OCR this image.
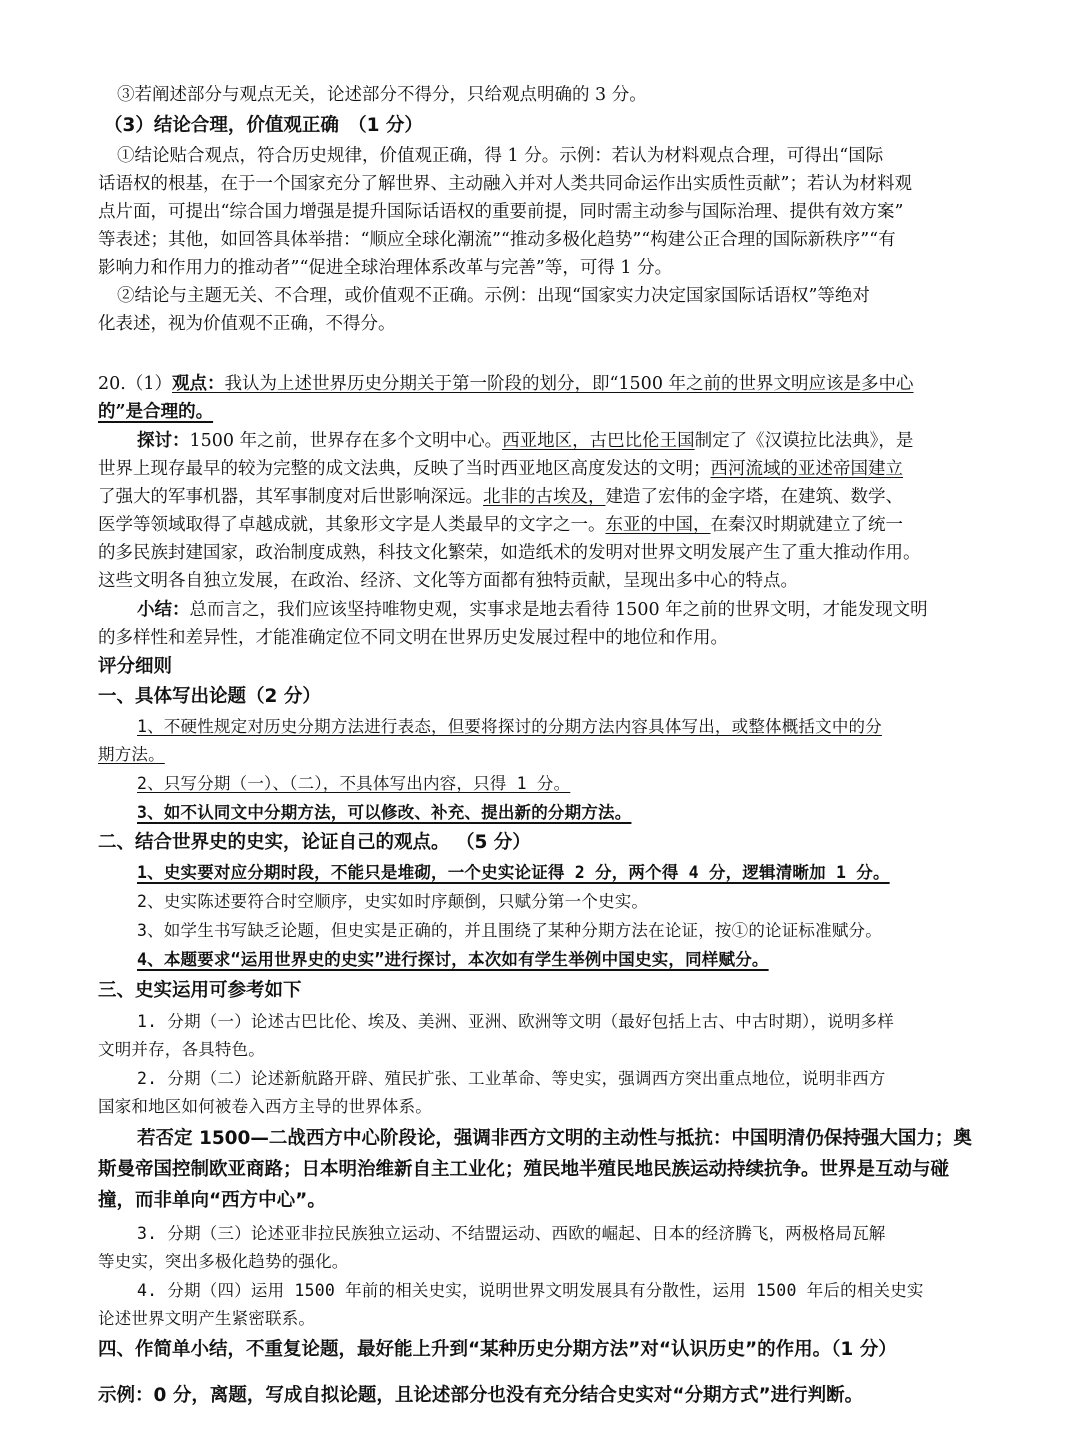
③若阐述部分与观点无关，论述部分不得分，只给观点明确的 3 分。
（3）结论合理，价值观正确　（1 分）
①结论贴合观点，符合历史规律，价值观正确，得 1 分。示例：若认为材料观点合理，可得出“国际
话语权的根基，在于一个国家充分了解世界、主动融入并对人类共同命运作出实质性贡献”；若认为材料观
点片面，可提出“综合国力增强是提升国际话语权的重要前提，同时需主动参与国际治理、提供有效方案”
等表述；其他，如回答具体举措：“顺应全球化潮流”“推动多极化趋势”“构建公正合理的国际新秩序”“有
影响力和作用力的推动者”“促进全球治理体系改革与完善”等，可得 1 分。
②结论与主题无关、不合理，或价值观不正确。示例：出现“国家实力决定国家国际话语权”等绝对
化表述，视为价值观不正确，不得分。
20.（1）观点：我认为上述世界历史分期关于第一阶段的划分，即“1500 年之前的世界文明应该是多中心
的”是合理的。
探讨：1500 年之前，世界存在多个文明中心。西亚地区，古巴比伦王国制定了《汉谟拉比法典》，是
世界上现存最早的较为完整的成文法典，反映了当时西亚地区高度发达的文明；西河流域的亚述帝国建立
了强大的军事机器，其军事制度对后世影响深远。北非的古埃及，建造了宏伟的金字塔，在建筑、数学、
医学等领域取得了卓越成就，其象形文字是人类最早的文字之一。东亚的中国，在秦汉时期就建立了统一
的多民族封建国家，政治制度成熟，科技文化繁荣，如造纸术的发明对世界文明发展产生了重大推动作用。
这些文明各自独立发展，在政治、经济、文化等方面都有独特贡献，呈现出多中心的特点。
小结：总而言之，我们应该坚持唯物史观，实事求是地去看待 1500 年之前的世界文明，才能发现文明
的多样性和差异性，才能准确定位不同文明在世界历史发展过程中的地位和作用。
评分细则
一、具体写出论题（2 分）
1、不硬性规定对历史分期方法进行表态，但要将探讨的分期方法内容具体写出，或整体概括文中的分
期方法。
2、只写分期（一）、（二），不具体写出内容，只得 1 分。
3、如不认同文中分期方法，可以修改、补充、提出新的分期方法。
二、结合世界史的史实，论证自己的观点。 （5 分）
1、史实要对应分期时段，不能只是堆砌，一个史实论证得 2 分，两个得 4 分，逻辑清晰加 1 分。
2、史实陈述要符合时空顺序，史实如时序颠倒，只赋分第一个史实。
3、如学生书写缺乏论题，但史实是正确的，并且围绕了某种分期方法在论证，按①的论证标准赋分。
4、本题要求“运用世界史的史实”进行探讨，本次如有学生举例中国史实，同样赋分。
三、史实运用可参考如下
1. 分期（一）论述古巴比伦、埃及、美洲、亚洲、欧洲等文明（最好包括上古、中古时期），说明多样
文明并存，各具特色。
2. 分期（二）论述新航路开辟、殖民扩张、工业革命、等史实，强调西方突出重点地位，说明非西方
国家和地区如何被卷入西方主导的世界体系。
若否定 1500—二战西方中心阶段论，强调非西方文明的主动性与抵抗：中国明清仍保持强大国力；奥
斯曼帝国控制欧亚商路；日本明治维新自主工业化；殖民地半殖民地民族运动持续抗争。世界是互动与碰
撞，而非单向“西方中心”。
3. 分期（三）论述亚非拉民族独立运动、不结盟运动、西欧的崛起、日本的经济腾飞，两极格局瓦解
等史实，突出多极化趋势的强化。
4. 分期（四）运用 1500 年前的相关史实，说明世界文明发展具有分散性，运用 1500 年后的相关史实
论述世界文明产生紧密联系。
四、作简单小结，不重复论题，最好能上升到“某种历史分期方法”对“认识历史”的作用。（1 分）
示例：0 分，离题，写成自拟论题，且论述部分也没有充分结合史实对“分期方式”进行判断。
